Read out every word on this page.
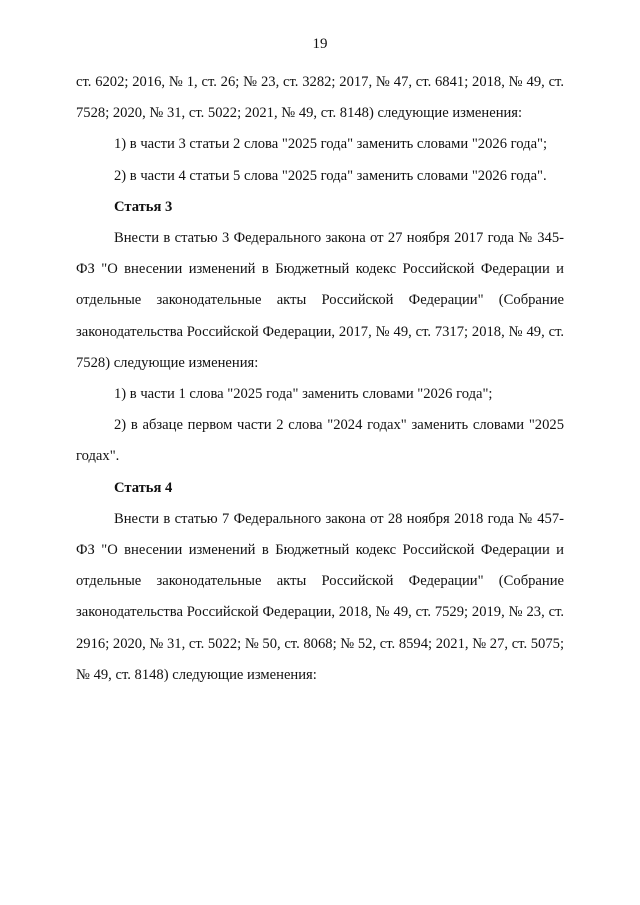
19

ст. 6202; 2016, № 1, ст. 26; № 23, ст. 3282; 2017, № 47, ст. 6841; 2018, № 49, ст. 7528; 2020, № 31, ст. 5022; 2021, № 49, ст. 8148) следующие изменения:

1) в части 3 статьи 2 слова "2025 года" заменить словами "2026 года";

2) в части 4 статьи 5 слова "2025 года" заменить словами "2026 года".

Статья 3

Внести в статью 3 Федерального закона от 27 ноября 2017 года № 345-ФЗ "О внесении изменений в Бюджетный кодекс Российской Федерации и отдельные законодательные акты Российской Федерации" (Собрание законодательства Российской Федерации, 2017, № 49, ст. 7317; 2018, № 49, ст. 7528) следующие изменения:

1) в части 1 слова "2025 года" заменить словами "2026 года";

2) в абзаце первом части 2 слова "2024 годах" заменить словами "2025 годах".

Статья 4

Внести в статью 7 Федерального закона от 28 ноября 2018 года № 457-ФЗ "О внесении изменений в Бюджетный кодекс Российской Федерации и отдельные законодательные акты Российской Федерации" (Собрание законодательства Российской Федерации, 2018, № 49, ст. 7529; 2019, № 23, ст. 2916; 2020, № 31, ст. 5022; № 50, ст. 8068; № 52, ст. 8594; 2021, № 27, ст. 5075; № 49, ст. 8148) следующие изменения:
